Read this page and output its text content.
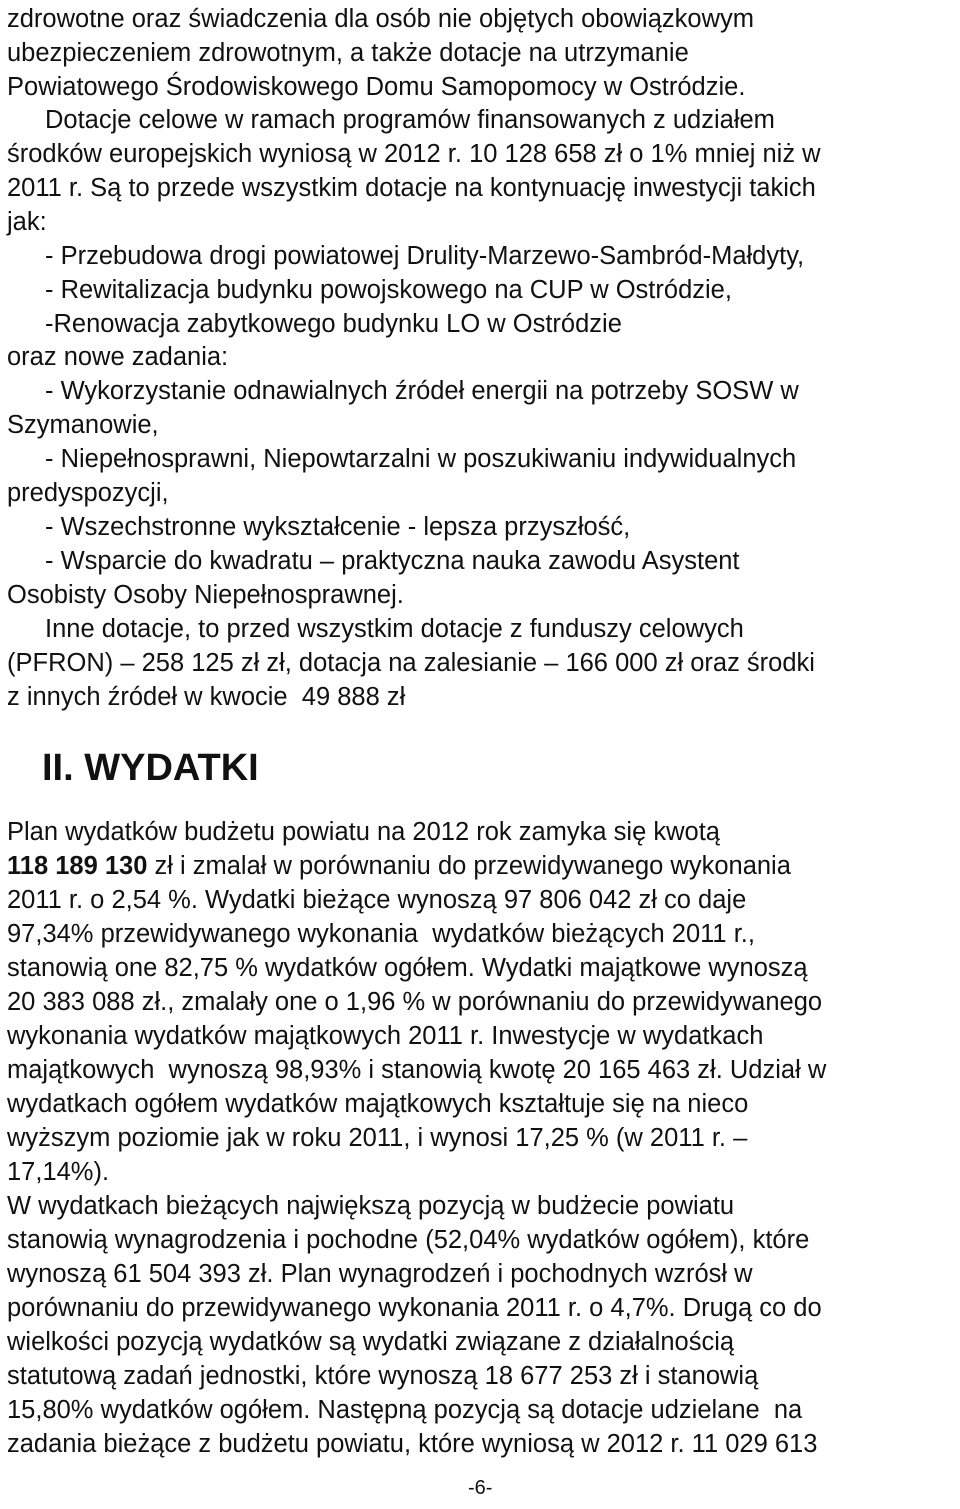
zdrowotne oraz świadczenia dla osób nie objętych obowiązkowym
ubezpieczeniem zdrowotnym, a także dotacje na utrzymanie
Powiatowego Środowiskowego Domu Samopomocy w Ostródzie.
Dotacje celowe w ramach programów finansowanych z udziałem
środków europejskich wyniosą w 2012 r. 10 128 658 zł o 1% mniej niż w
2011 r. Są to przede wszystkim dotacje na kontynuację inwestycji takich
jak:
- Przebudowa drogi powiatowej Drulity-Marzewo-Sambród-Małdyty,
- Rewitalizacja budynku powojskowego na CUP w Ostródzie,
-Renowacja zabytkowego budynku LO w Ostródzie
oraz nowe zadania:
- Wykorzystanie odnawialnych źródeł energii na potrzeby SOSW w
Szymanowie,
- Niepełnosprawni, Niepowtarzalni w poszukiwaniu indywidualnych
predyspozycji,
- Wszechstronne wykształcenie - lepsza przyszłość,
- Wsparcie do kwadratu – praktyczna nauka zawodu Asystent
Osobisty Osoby Niepełnosprawnej.
Inne dotacje, to przed wszystkim dotacje z funduszy celowych
(PFRON) – 258 125 zł zł, dotacja na zalesianie – 166 000 zł oraz środki
z innych źródeł w kwocie  49 888 zł
II. WYDATKI
Plan wydatków budżetu powiatu na 2012 rok zamyka się kwotą
118 189 130 zł i zmalał w porównaniu do przewidywanego wykonania
2011 r. o 2,54 %. Wydatki bieżące wynoszą 97 806 042 zł co daje
97,34% przewidywanego wykonania  wydatków bieżących 2011 r.,
stanowią one 82,75 % wydatków ogółem. Wydatki majątkowe wynoszą
20 383 088 zł., zmalały one o 1,96 % w porównaniu do przewidywanego
wykonania wydatków majątkowych 2011 r. Inwestycje w wydatkach
majątkowych  wynoszą 98,93% i stanowią kwotę 20 165 463 zł. Udział w
wydatkach ogółem wydatków majątkowych kształtuje się na nieco
wyższym poziomie jak w roku 2011, i wynosi 17,25 % (w 2011 r. –
17,14%).
W wydatkach bieżących największą pozycją w budżecie powiatu
stanowią wynagrodzenia i pochodne (52,04% wydatków ogółem), które
wynoszą 61 504 393 zł. Plan wynagrodzeń i pochodnych wzrósł w
porównaniu do przewidywanego wykonania 2011 r. o 4,7%. Drugą co do
wielkości pozycją wydatków są wydatki związane z działalnością
statutową zadań jednostki, które wynoszą 18 677 253 zł i stanowią
15,80% wydatków ogółem. Następną pozycją są dotacje udzielane  na
zadania bieżące z budżetu powiatu, które wyniosą w 2012 r. 11 029 613
-6-
